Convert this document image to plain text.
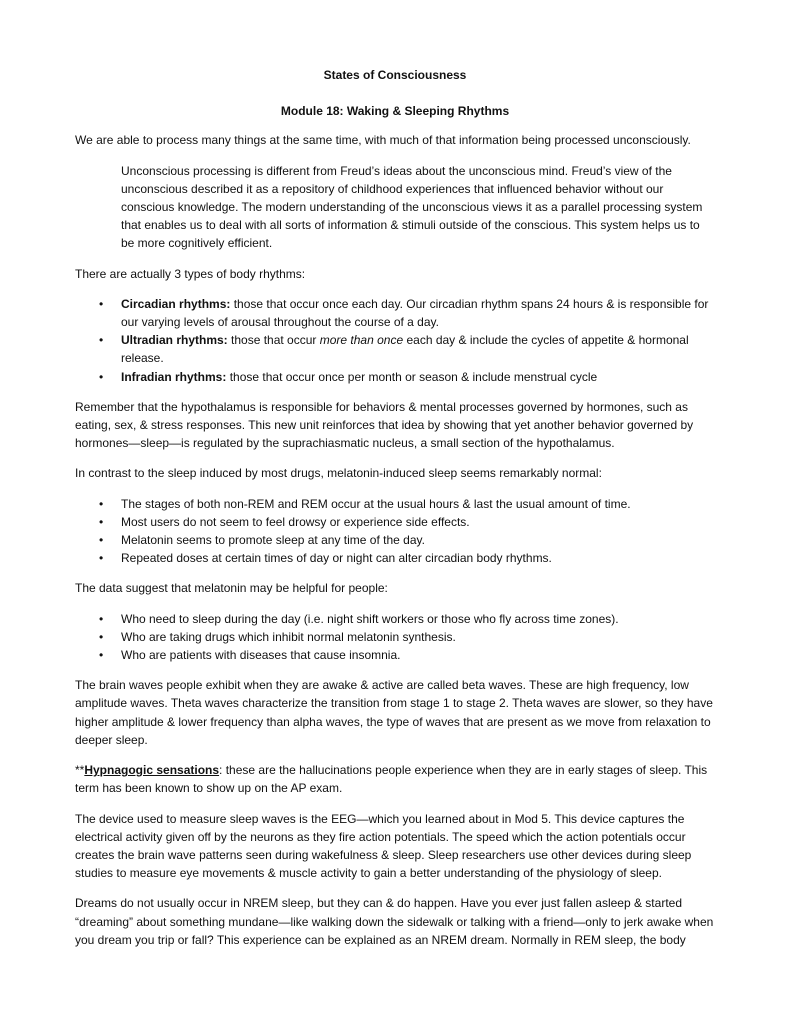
States of Consciousness
Module 18: Waking & Sleeping Rhythms

We are able to process many things at the same time, with much of that information being processed unconsciously.

Unconscious processing is different from Freud’s ideas about the unconscious mind. Freud’s view of the unconscious described it as a repository of childhood experiences that influenced behavior without our conscious knowledge. The modern understanding of the unconscious views it as a parallel processing system that enables us to deal with all sorts of information & stimuli outside of the conscious. This system helps us to be more cognitively efficient.

There are actually 3 types of body rhythms:

• Circadian rhythms: those that occur once each day. Our circadian rhythm spans 24 hours & is responsible for our varying levels of arousal throughout the course of a day.
• Ultradian rhythms: those that occur more than once each day & include the cycles of appetite & hormonal release.
• Infradian rhythms: those that occur once per month or season & include menstrual cycle

Remember that the hypothalamus is responsible for behaviors & mental processes governed by hormones, such as eating, sex, & stress responses. This new unit reinforces that idea by showing that yet another behavior governed by hormones—sleep—is regulated by the suprachiasmatic nucleus, a small section of the hypothalamus.

In contrast to the sleep induced by most drugs, melatonin-induced sleep seems remarkably normal:

• The stages of both non-REM and REM occur at the usual hours & last the usual amount of time.
• Most users do not seem to feel drowsy or experience side effects.
• Melatonin seems to promote sleep at any time of the day.
• Repeated doses at certain times of day or night can alter circadian body rhythms.

The data suggest that melatonin may be helpful for people:

• Who need to sleep during the day (i.e. night shift workers or those who fly across time zones).
• Who are taking drugs which inhibit normal melatonin synthesis.
• Who are patients with diseases that cause insomnia.

The brain waves people exhibit when they are awake & active are called beta waves. These are high frequency, low amplitude waves. Theta waves characterize the transition from stage 1 to stage 2. Theta waves are slower, so they have higher amplitude & lower frequency than alpha waves, the type of waves that are present as we move from relaxation to deeper sleep.

**Hypnagogic sensations: these are the hallucinations people experience when they are in early stages of sleep. This term has been known to show up on the AP exam.

The device used to measure sleep waves is the EEG—which you learned about in Mod 5. This device captures the electrical activity given off by the neurons as they fire action potentials. The speed which the action potentials occur creates the brain wave patterns seen during wakefulness & sleep. Sleep researchers use other devices during sleep studies to measure eye movements & muscle activity to gain a better understanding of the physiology of sleep.

Dreams do not usually occur in NREM sleep, but they can & do happen. Have you ever just fallen asleep & started “dreaming” about something mundane—like walking down the sidewalk or talking with a friend—only to jerk awake when you dream you trip or fall? This experience can be explained as an NREM dream. Normally in REM sleep, the body
